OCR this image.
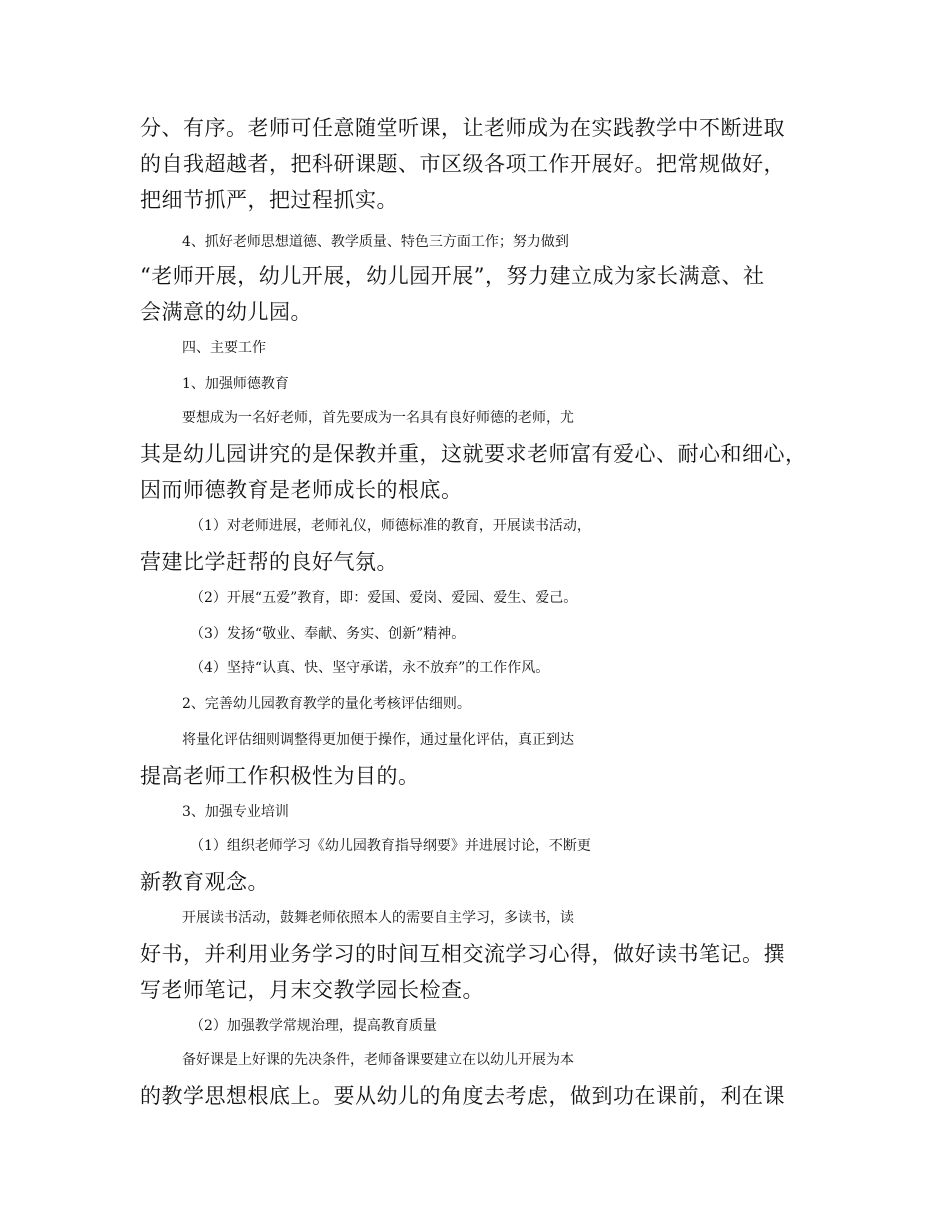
分、有序。老师可任意随堂听课，让老师成为在实践教学中不断进取

的自我超越者，把科研课题、市区级各项工作开展好。把常规做好，

把细节抓严，把过程抓实。

4、抓好老师思想道德、教学质量、特色三方面工作；努力做到

“老师开展，幼儿开展，幼儿园开展”，努力建立成为家长满意、社

会满意的幼儿园。

四、主要工作

1、加强师德教育

要想成为一名好老师，首先要成为一名具有良好师德的老师，尤

其是幼儿园讲究的是保教并重，这就要求老师富有爱心、耐心和细心，

因而师德教育是老师成长的根底。

（1）对老师进展，老师礼仪，师德标准的教育，开展读书活动，

营建比学赶帮的良好气氛。

（2）开展“五爱”教育，即：爱国、爱岗、爱园、爱生、爱己。

（3）发扬“敬业、奉献、务实、创新”精神。

（4）坚持“认真、快、坚守承诺，永不放弃”的工作作风。

2、完善幼儿园教育教学的量化考核评估细则。

将量化评估细则调整得更加便于操作，通过量化评估，真正到达

提高老师工作积极性为目的。

3、加强专业培训

（1）组织老师学习《幼儿园教育指导纲要》并进展讨论，不断更

新教育观念。

开展读书活动，鼓舞老师依照本人的需要自主学习，多读书，读

好书，并利用业务学习的时间互相交流学习心得，做好读书笔记。撰

写老师笔记，月末交教学园长检查。

（2）加强教学常规治理，提高教育质量

备好课是上好课的先决条件，老师备课要建立在以幼儿开展为本

的教学思想根底上。要从幼儿的角度去考虑，做到功在课前，利在课
